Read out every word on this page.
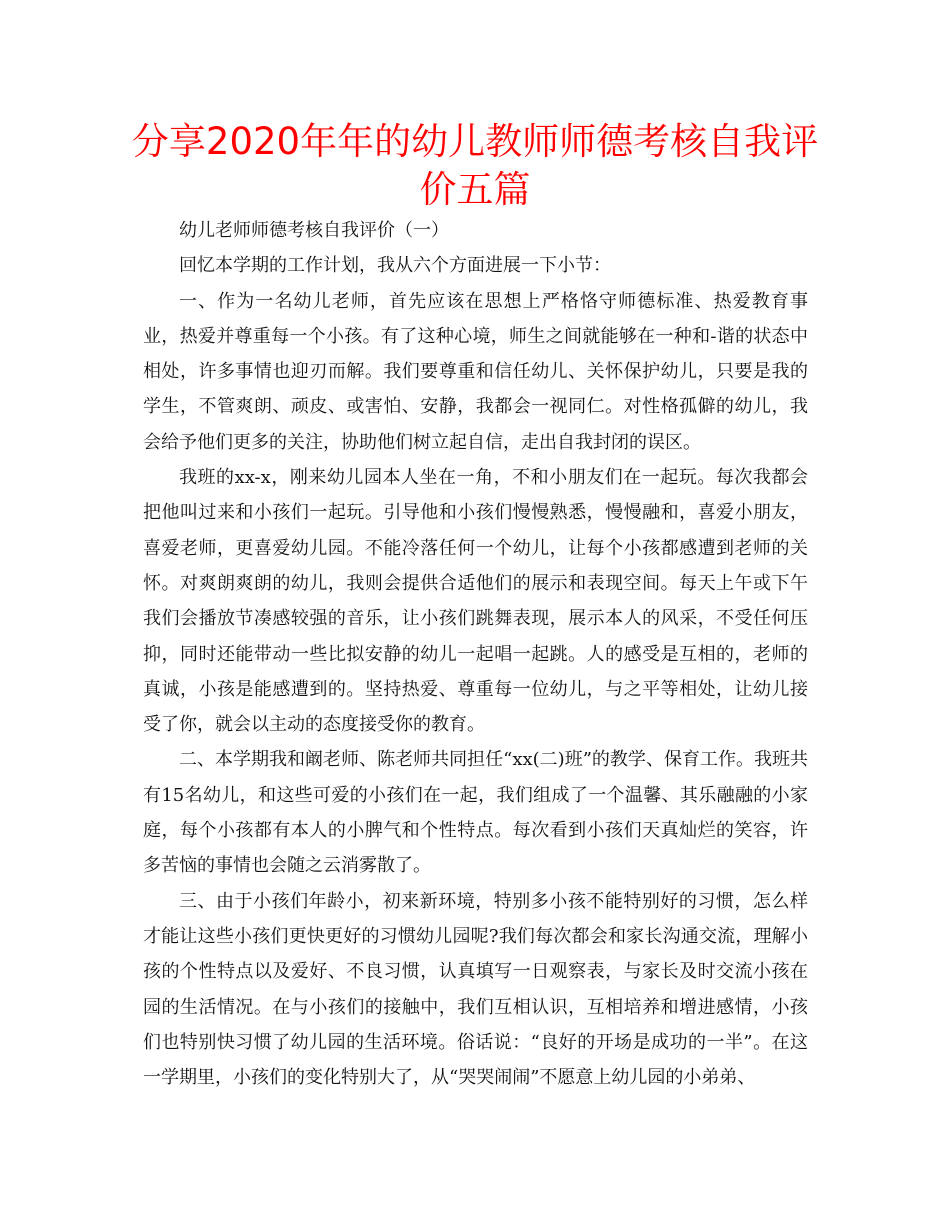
分享2020年年的幼儿教师师德考核自我评价五篇

幼儿老师师德考核自我评价（一）

回忆本学期的工作计划，我从六个方面进展一下小节：

一、作为一名幼儿老师，首先应该在思想上严格恪守师德标准、热爱教育事业，热爱并尊重每一个小孩。有了这种心境，师生之间就能够在一种和-谐的状态中相处，许多事情也迎刃而解。我们要尊重和信任幼儿、关怀保护幼儿，只要是我的学生，不管爽朗、顽皮、或害怕、安静，我都会一视同仁。对性格孤僻的幼儿，我会给予他们更多的关注，协助他们树立起自信，走出自我封闭的误区。

我班的xx-x，刚来幼儿园本人坐在一角，不和小朋友们在一起玩。每次我都会把他叫过来和小孩们一起玩。引导他和小孩们慢慢熟悉，慢慢融和，喜爱小朋友，喜爱老师，更喜爱幼儿园。不能冷落任何一个幼儿，让每个小孩都感遭到老师的关怀。对爽朗爽朗的幼儿，我则会提供合适他们的展示和表现空间。每天上午或下午我们会播放节凑感较强的音乐，让小孩们跳舞表现，展示本人的风采，不受任何压抑，同时还能带动一些比拟安静的幼儿一起唱一起跳。人的感受是互相的，老师的真诚，小孩是能感遭到的。坚持热爱、尊重每一位幼儿，与之平等相处，让幼儿接受了你，就会以主动的态度接受你的教育。

二、本学期我和阚老师、陈老师共同担任“xx(二)班”的教学、保育工作。我班共有15名幼儿，和这些可爱的小孩们在一起，我们组成了一个温馨、其乐融融的小家庭，每个小孩都有本人的小脾气和个性特点。每次看到小孩们天真灿烂的笑容，许多苦恼的事情也会随之云消雾散了。

三、由于小孩们年龄小，初来新环境，特别多小孩不能特别好的习惯，怎么样才能让这些小孩们更快更好的习惯幼儿园呢?我们每次都会和家长沟通交流，理解小孩的个性特点以及爱好、不良习惯，认真填写一日观察表，与家长及时交流小孩在园的生活情况。在与小孩们的接触中，我们互相认识，互相培养和增进感情，小孩们也特别快习惯了幼儿园的生活环境。俗话说：“良好的开场是成功的一半”。在这一学期里，小孩们的变化特别大了，从“哭哭闹闹”不愿意上幼儿园的小弟弟、
